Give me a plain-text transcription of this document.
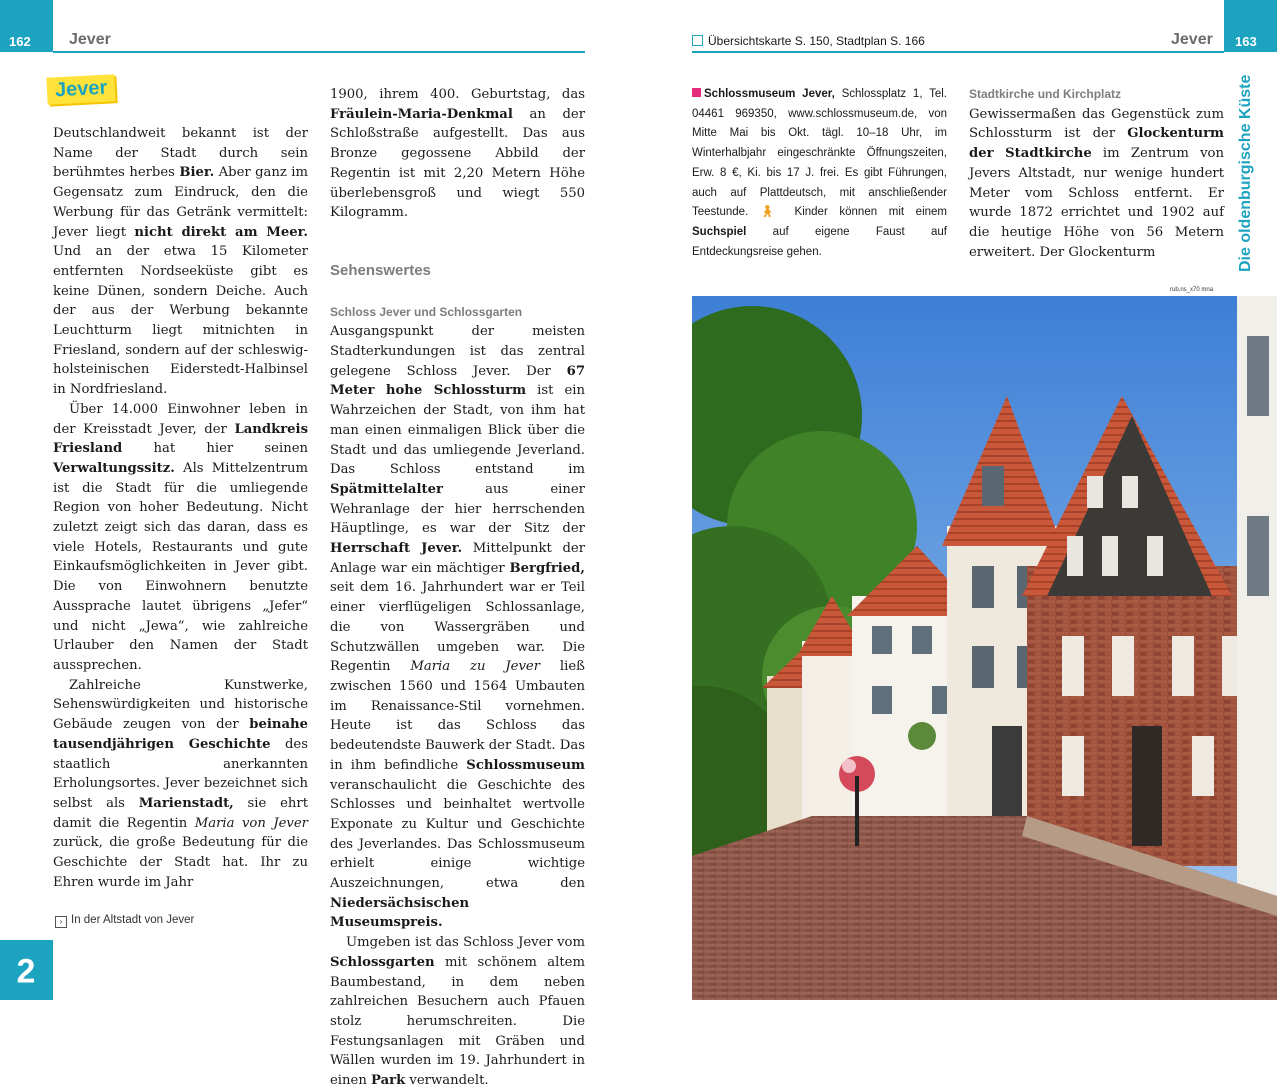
162 Jever	Übersichtskarte S. 150, Stadtplan S. 166	Jever 163
Die oldenburgische Küste
Jever

Deutschlandweit bekannt ist der Name der Stadt durch sein berühmtes herbes Bier. Aber ganz im Gegensatz zum Eindruck, den die Werbung für das Getränk vermittelt: Jever liegt nicht direkt am Meer. Und an der etwa 15 Kilometer entfernten Nordseeküste gibt es keine Dünen, sondern Deiche. Auch der aus der Werbung bekannte Leuchtturm liegt mitnichten in Friesland, sondern auf der schleswig-holsteinischen Eiderstedt-Halbinsel in Nordfriesland.

Über 14.000 Einwohner leben in der Kreisstadt Jever, der Landkreis Friesland hat hier seinen Verwaltungssitz. Als Mittelzentrum ist die Stadt für die umliegende Region von hoher Bedeutung. Nicht zuletzt zeigt sich das daran, dass es viele Hotels, Restaurants und gute Einkaufsmöglichkeiten in Jever gibt. Die von Einwohnern benutzte Aussprache lautet übrigens „Jefer“ und nicht „Jewa“, wie zahlreiche Urlauber den Namen der Stadt aussprechen.

Zahlreiche Kunstwerke, Sehenswürdigkeiten und historische Gebäude zeugen von der beinahe tausendjährigen Geschichte des staatlich anerkannten Erholungsortes. Jever bezeichnet sich selbst als Marienstadt, sie ehrt damit die Regentin Maria von Jever zurück, die große Bedeutung für die Geschichte der Stadt hat. Ihr zu Ehren wurde im Jahr

1900, ihrem 400. Geburtstag, das Fräulein-Maria-Denkmal an der Schloßstraße aufgestellt. Das aus Bronze gegossene Abbild der Regentin ist mit 2,20 Metern Höhe überlebensgroß und wiegt 550 Kilogramm.

Sehenswertes

Schloss Jever und Schlossgarten

Ausgangspunkt der meisten Stadterkundungen ist das zentral gelegene Schloss Jever. Der 67 Meter hohe Schlossturm ist ein Wahrzeichen der Stadt, von ihm hat man einen einmaligen Blick über die Stadt und das umliegende Jeverland. Das Schloss entstand im Spätmittelalter aus einer Wehranlage der hier herrschenden Häuptlinge, es war der Sitz der Herrschaft Jever. Mittelpunkt der Anlage war ein mächtiger Bergfried, seit dem 16. Jahrhundert war er Teil einer vierflügeligen Schlossanlage, die von Wassergräben und Schutzwällen umgeben war. Die Regentin Maria zu Jever ließ zwischen 1560 und 1564 Umbauten im Renaissance-Stil vornehmen. Heute ist das Schloss das bedeutendste Bauwerk der Stadt. Das in ihm befindliche Schlossmuseum veranschaulicht die Geschichte des Schlosses und beinhaltet wertvolle Exponate zu Kultur und Geschichte des Jeverlandes. Das Schlossmuseum erhielt einige wichtige Auszeichnungen, etwa den Niedersächsischen Museumspreis.

Umgeben ist das Schloss Jever vom Schlossgarten mit schönem altem Baumbestand, in dem neben zahlreichen Besuchern auch Pfauen stolz herumschreiten. Die Festungsanlagen mit Gräben und Wällen wurden im 19. Jahrhundert in einen Park verwandelt.

› In der Altstadt von Jever
2
Schlossmuseum Jever, Schlossplatz 1, Tel. 04461 969350, www.schlossmuseum.de, von Mitte Mai bis Okt. tägl. 10–18 Uhr, im Winterhalbjahr eingeschränkte Öffnungszeiten, Erw. 8 €, Ki. bis 17 J. frei. Es gibt Führungen, auch auf Plattdeutsch, mit anschließender Teestunde. 🚶︎ Kinder können mit einem Suchspiel auf eigene Faust auf Entdeckungsreise gehen.

Stadtkirche und Kirchplatz

Gewissermaßen das Gegenstück zum Schlossturm ist der Glockenturm der Stadtkirche im Zentrum von Jevers Altstadt, nur wenige hundert Meter vom Schloss entfernt. Er wurde 1872 errichtet und 1902 auf die heutige Höhe von 56 Metern erweitert. Der Glockenturm

rub.ns_x70 mna
